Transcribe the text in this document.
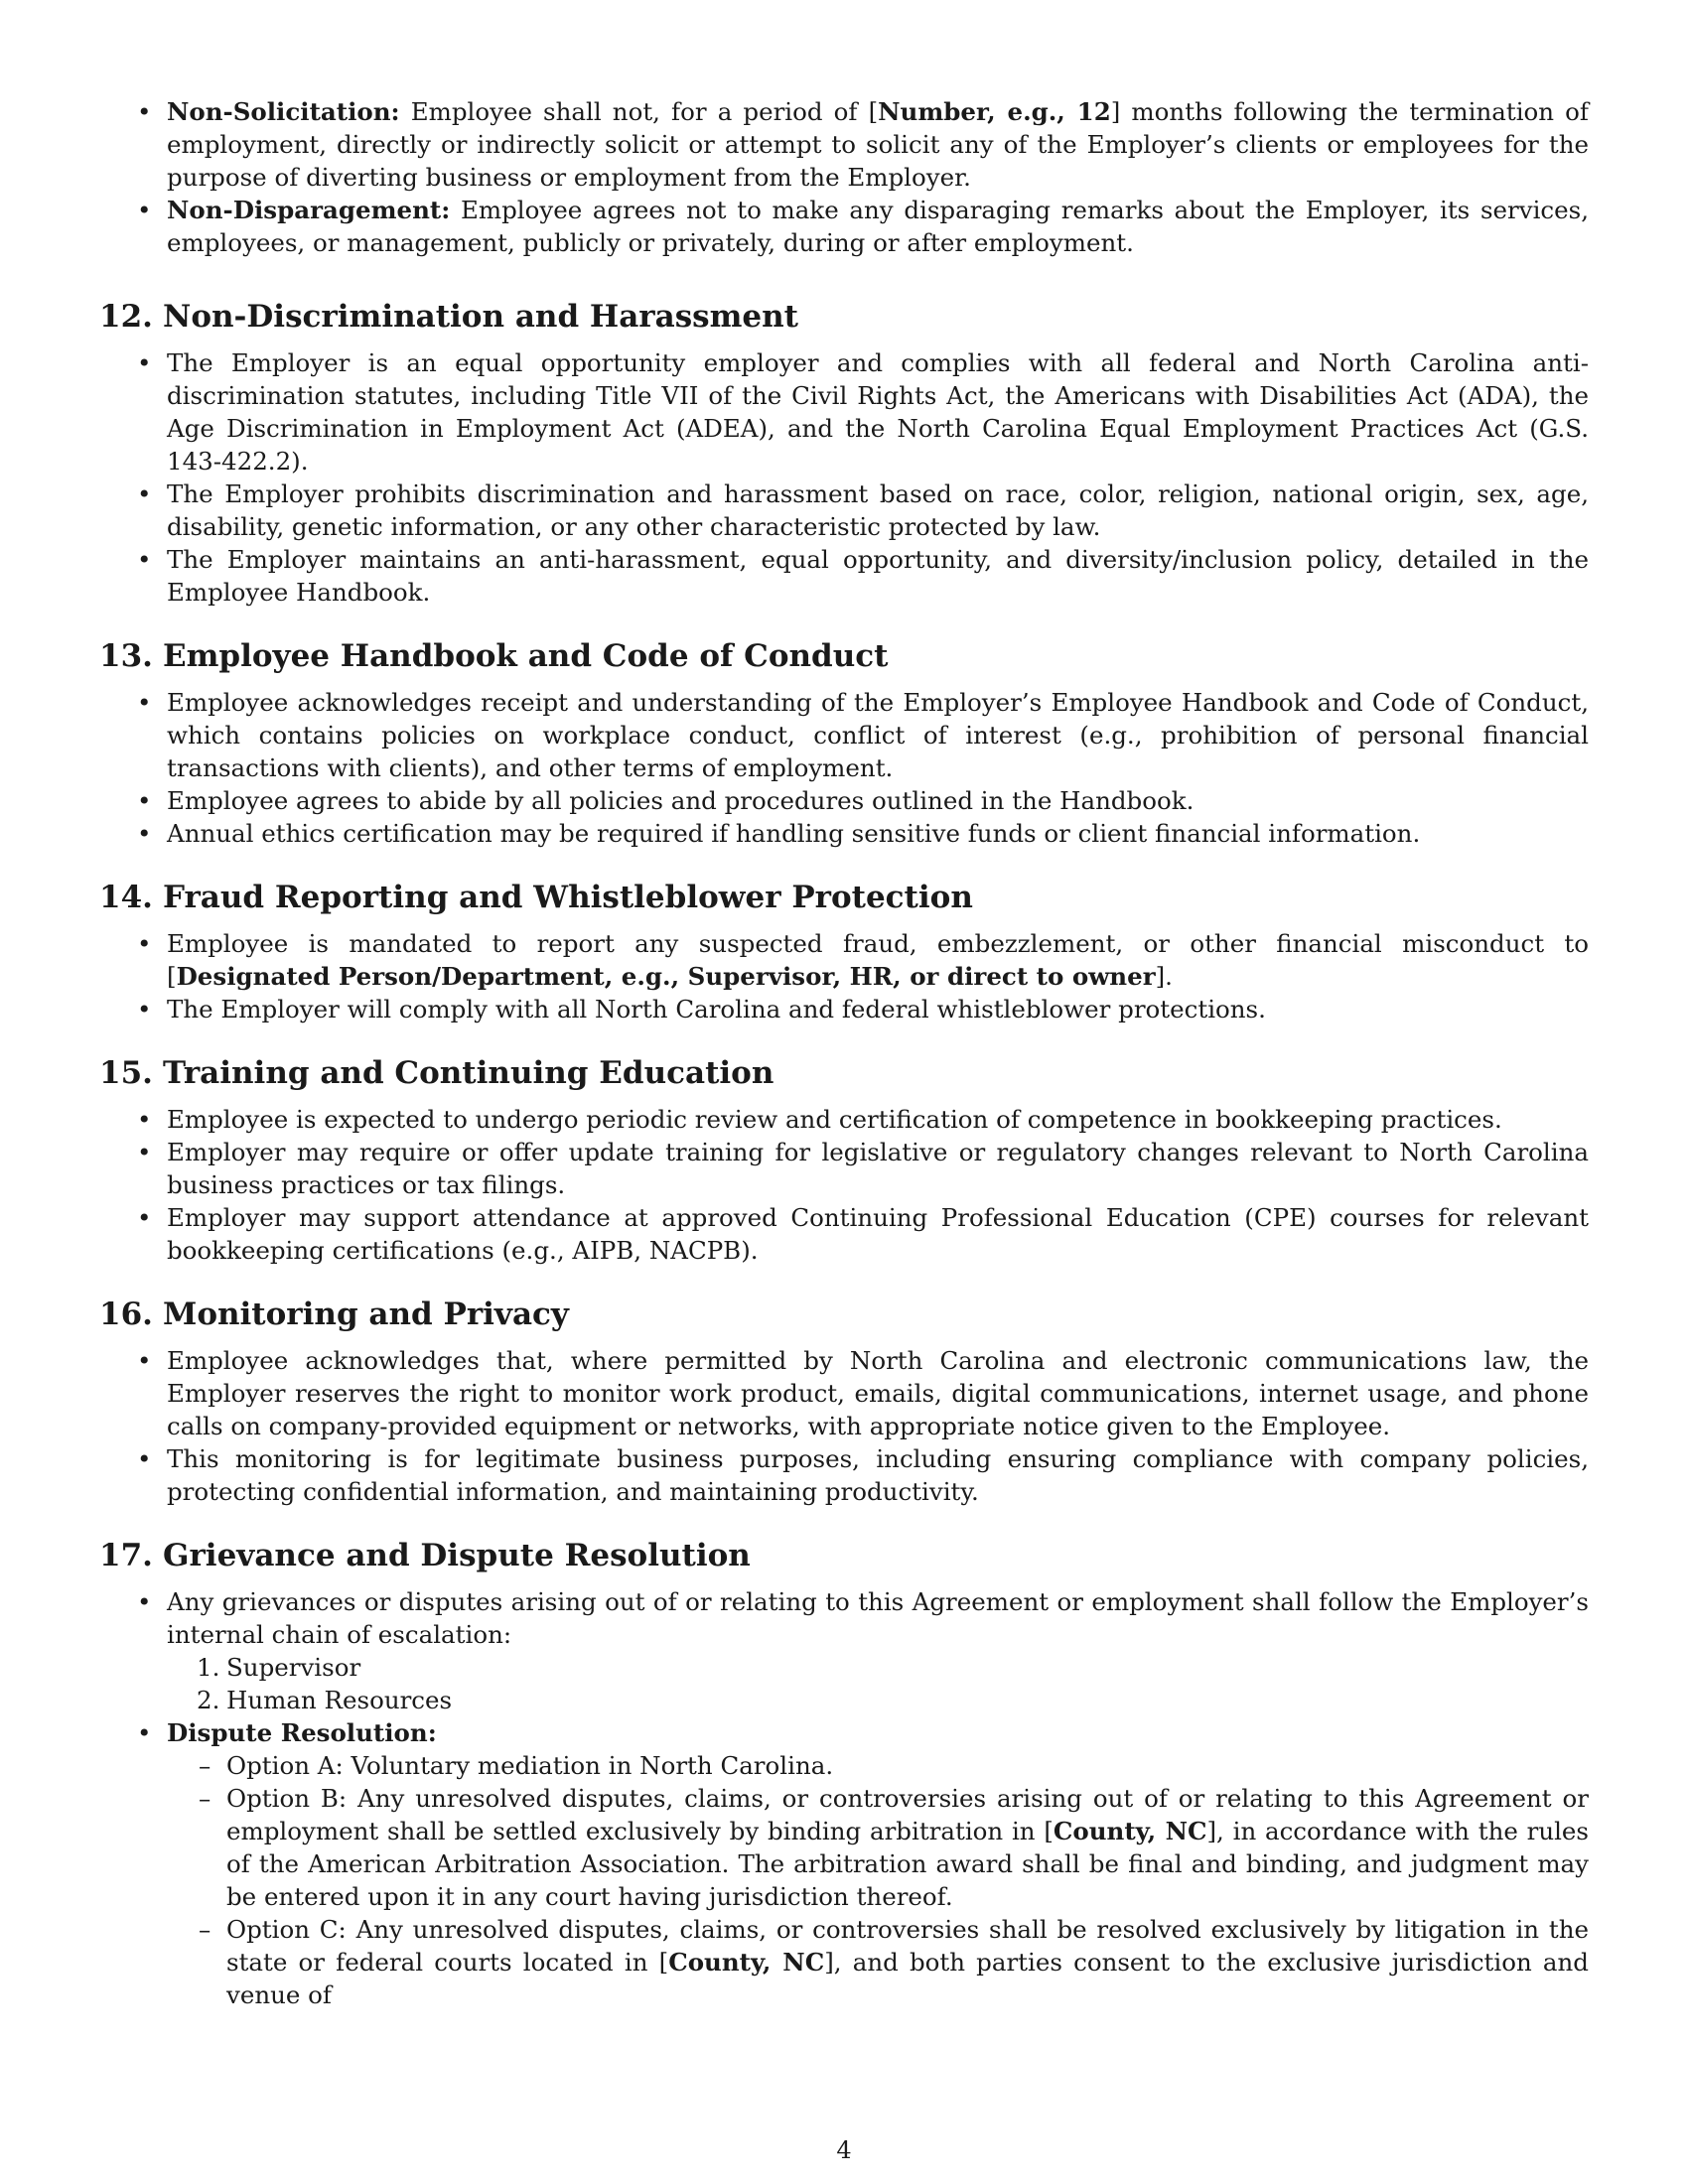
• Non-Solicitation: Employee shall not, for a period of [Number, e.g., 12] months following the termination of employment, directly or indirectly solicit or attempt to solicit any of the Employer’s clients or employees for the purpose of diverting business or employment from the Employer.
• Non-Disparagement: Employee agrees not to make any disparaging remarks about the Employer, its services, employees, or management, publicly or privately, during or after employment.
12. Non-Discrimination and Harassment
• The Employer is an equal opportunity employer and complies with all federal and North Carolina anti-discrimination statutes, including Title VII of the Civil Rights Act, the Americans with Disabilities Act (ADA), the Age Discrimination in Employment Act (ADEA), and the North Carolina Equal Employment Practices Act (G.S. 143-422.2).
• The Employer prohibits discrimination and harassment based on race, color, religion, national origin, sex, age, disability, genetic information, or any other characteristic protected by law.
• The Employer maintains an anti-harassment, equal opportunity, and diversity/inclusion policy, detailed in the Employee Handbook.
13. Employee Handbook and Code of Conduct
• Employee acknowledges receipt and understanding of the Employer’s Employee Handbook and Code of Conduct, which contains policies on workplace conduct, conflict of interest (e.g., prohibition of personal financial transactions with clients), and other terms of employment.
• Employee agrees to abide by all policies and procedures outlined in the Handbook.
• Annual ethics certification may be required if handling sensitive funds or client financial information.
14. Fraud Reporting and Whistleblower Protection
• Employee is mandated to report any suspected fraud, embezzlement, or other financial misconduct to [Designated Person/Department, e.g., Supervisor, HR, or direct to owner].
• The Employer will comply with all North Carolina and federal whistleblower protections.
15. Training and Continuing Education
• Employee is expected to undergo periodic review and certification of competence in bookkeeping practices.
• Employer may require or offer update training for legislative or regulatory changes relevant to North Carolina business practices or tax filings.
• Employer may support attendance at approved Continuing Professional Education (CPE) courses for relevant bookkeeping certifications (e.g., AIPB, NACPB).
16. Monitoring and Privacy
• Employee acknowledges that, where permitted by North Carolina and electronic communications law, the Employer reserves the right to monitor work product, emails, digital communications, internet usage, and phone calls on company-provided equipment or networks, with appropriate notice given to the Employee.
• This monitoring is for legitimate business purposes, including ensuring compliance with company policies, protecting confidential information, and maintaining productivity.
17. Grievance and Dispute Resolution
• Any grievances or disputes arising out of or relating to this Agreement or employment shall follow the Employer’s internal chain of escalation:
1. Supervisor
2. Human Resources
• Dispute Resolution:
– Option A: Voluntary mediation in North Carolina.
– Option B: Any unresolved disputes, claims, or controversies arising out of or relating to this Agreement or employment shall be settled exclusively by binding arbitration in [County, NC], in accordance with the rules of the American Arbitration Association. The arbitration award shall be final and binding, and judgment may be entered upon it in any court having jurisdiction thereof.
– Option C: Any unresolved disputes, claims, or controversies shall be resolved exclusively by litigation in the state or federal courts located in [County, NC], and both parties consent to the exclusive jurisdiction and venue of
4
